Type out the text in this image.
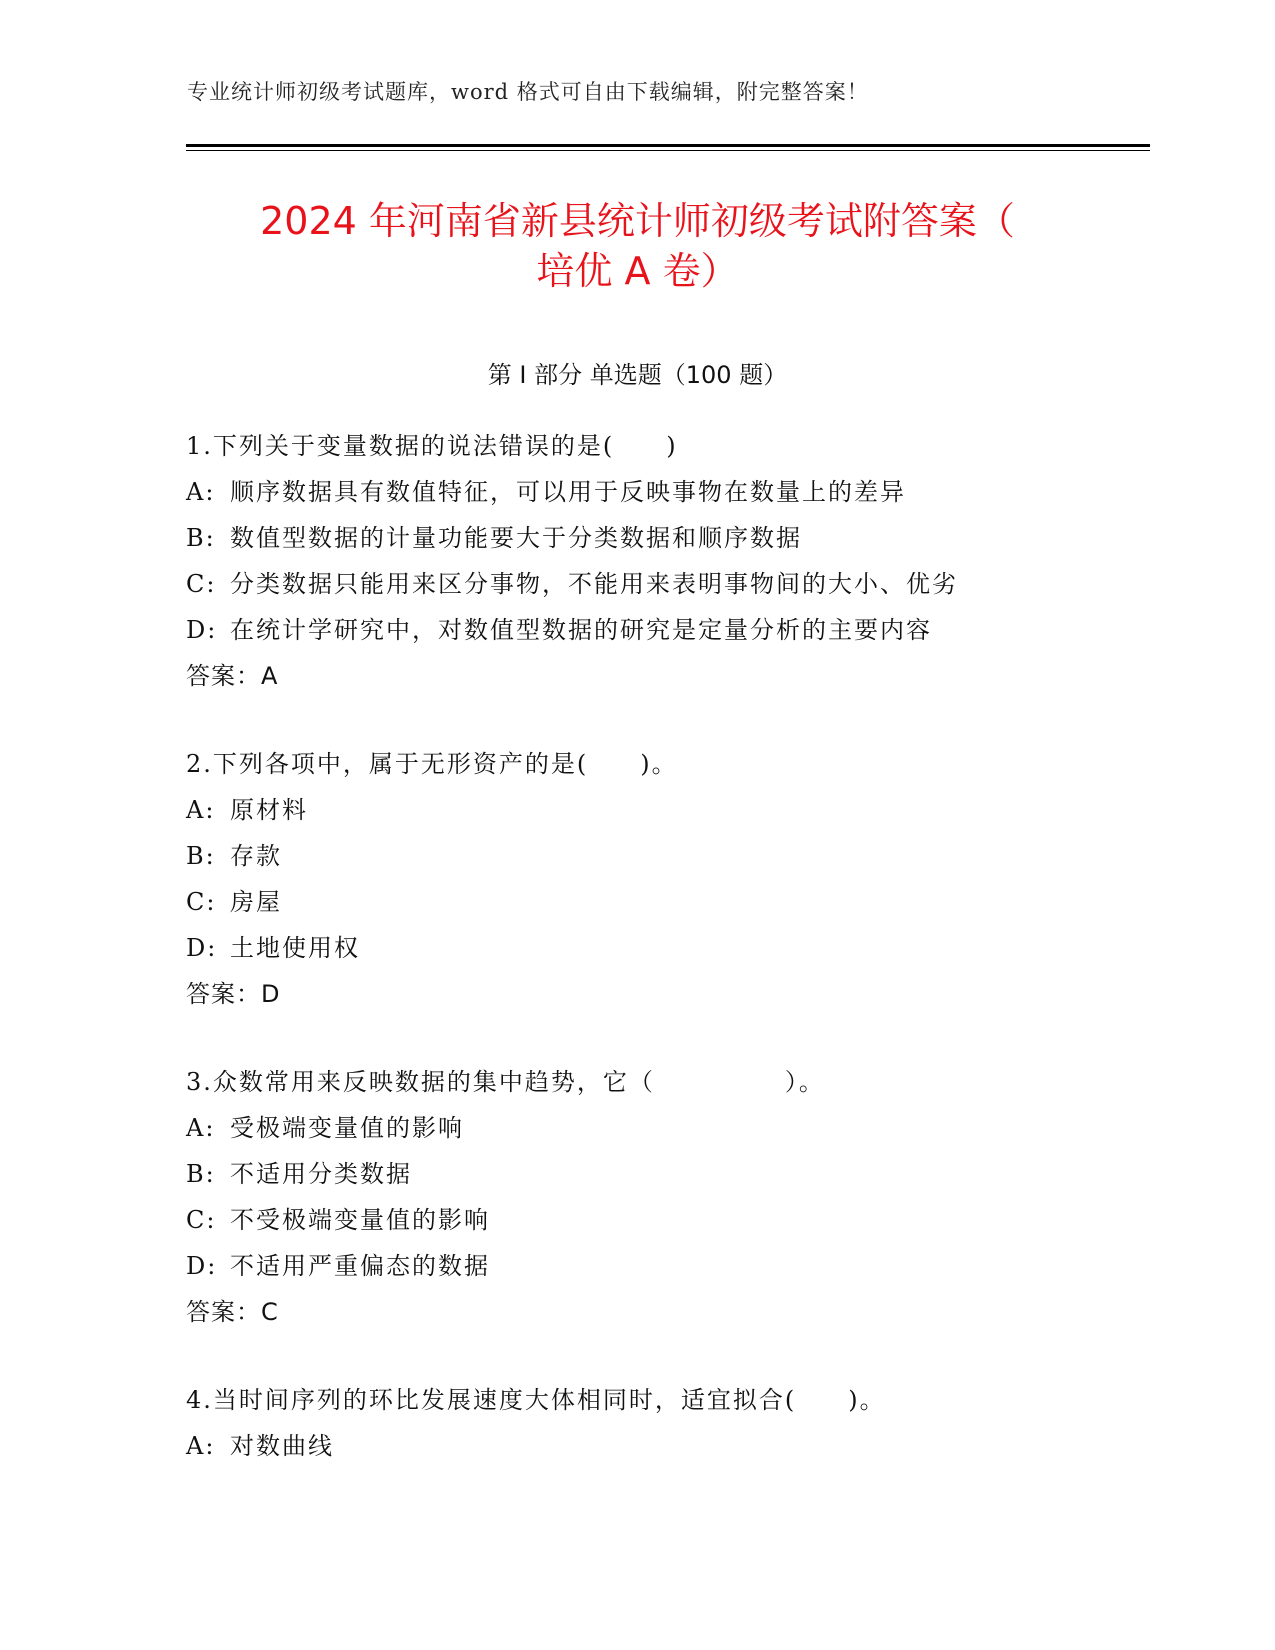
专业统计师初级考试题库，word 格式可自由下载编辑，附完整答案！
2024 年河南省新县统计师初级考试附答案（
培优 A 卷）
第 I 部分 单选题（100 题）
1.下列关于变量数据的说法错误的是(　　)
A: 顺序数据具有数值特征，可以用于反映事物在数量上的差异
B: 数值型数据的计量功能要大于分类数据和顺序数据
C: 分类数据只能用来区分事物，不能用来表明事物间的大小、优劣
D: 在统计学研究中，对数值型数据的研究是定量分析的主要内容
答案：A
2.下列各项中，属于无形资产的是(　　)。
A: 原材料
B: 存款
C: 房屋
D: 土地使用权
答案：D
3.众数常用来反映数据的集中趋势，它（　　　　　）。
A: 受极端变量值的影响
B: 不适用分类数据
C: 不受极端变量值的影响
D: 不适用严重偏态的数据
答案：C
4.当时间序列的环比发展速度大体相同时，适宜拟合(　　)。
A: 对数曲线
